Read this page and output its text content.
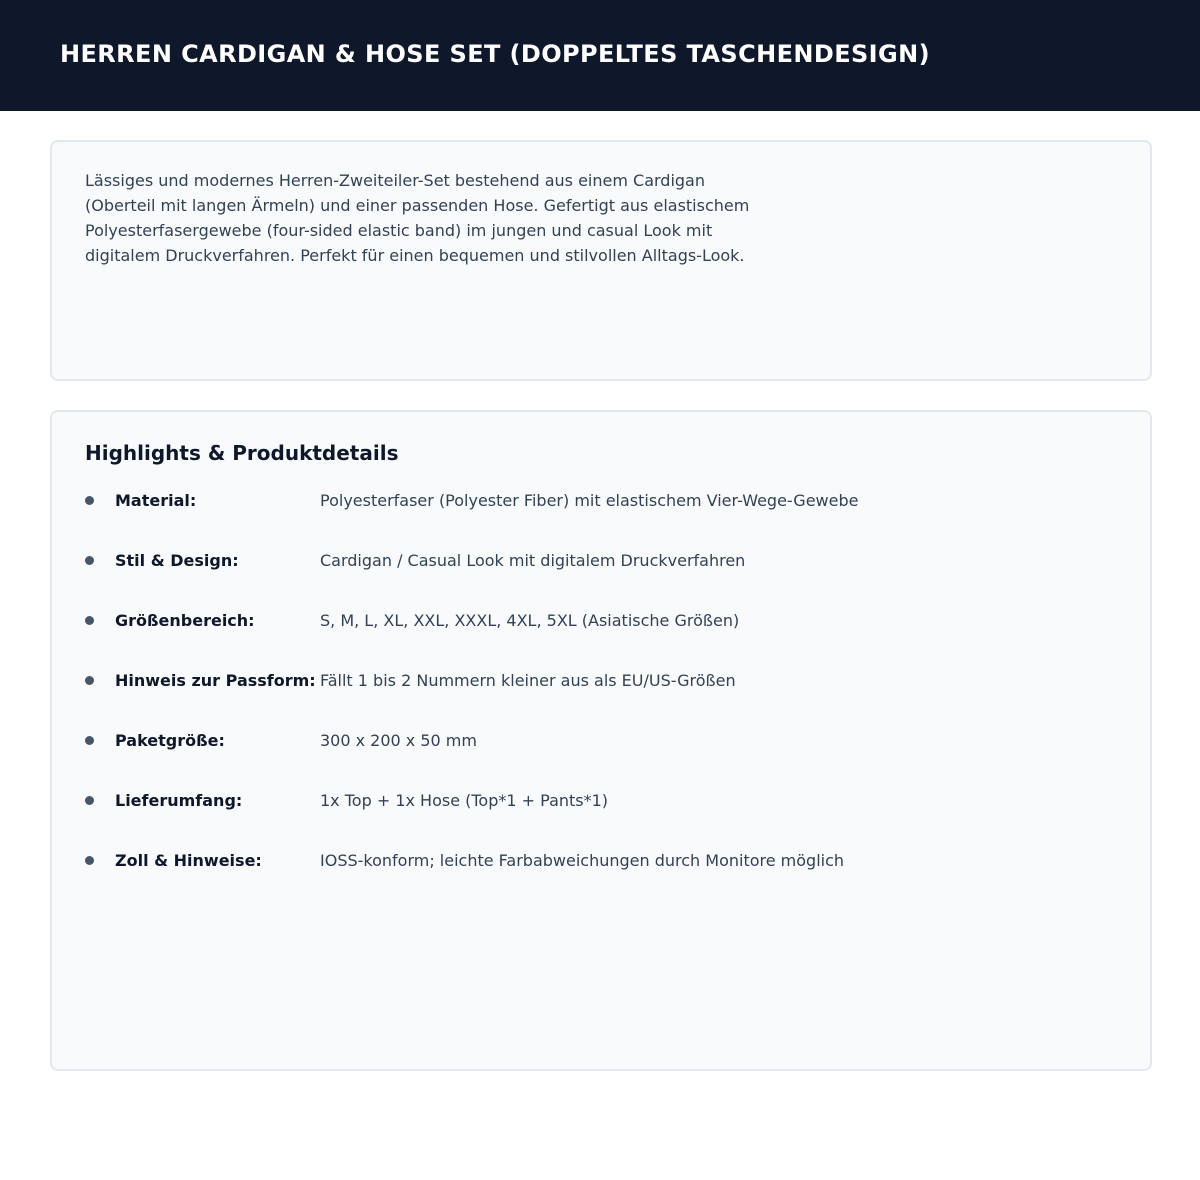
HERREN CARDIGAN & HOSE SET (DOPPELTES TASCHENDESIGN)

Lässiges und modernes Herren-Zweiteiler-Set bestehend aus einem Cardigan (Oberteil mit langen Ärmeln) und einer passenden Hose. Gefertigt aus elastischem Polyesterfasergewebe (four-sided elastic band) im jungen und casual Look mit digitalem Druckverfahren. Perfekt für einen bequemen und stilvollen Alltags-Look.

Highlights & Produktdetails
Material:	Polyesterfaser (Polyester Fiber) mit elastischem Vier-Wege-Gewebe
Stil & Design:	Cardigan / Casual Look mit digitalem Druckverfahren
Größenbereich:	S, M, L, XL, XXL, XXXL, 4XL, 5XL (Asiatische Größen)
Hinweis zur Passform: Fällt 1 bis 2 Nummern kleiner aus als EU/US-Größen
Paketgröße:	300 x 200 x 50 mm
Lieferumfang:	1x Top + 1x Hose (Top*1 + Pants*1)
Zoll & Hinweise:	IOSS-konform; leichte Farbabweichungen durch Monitore möglich
